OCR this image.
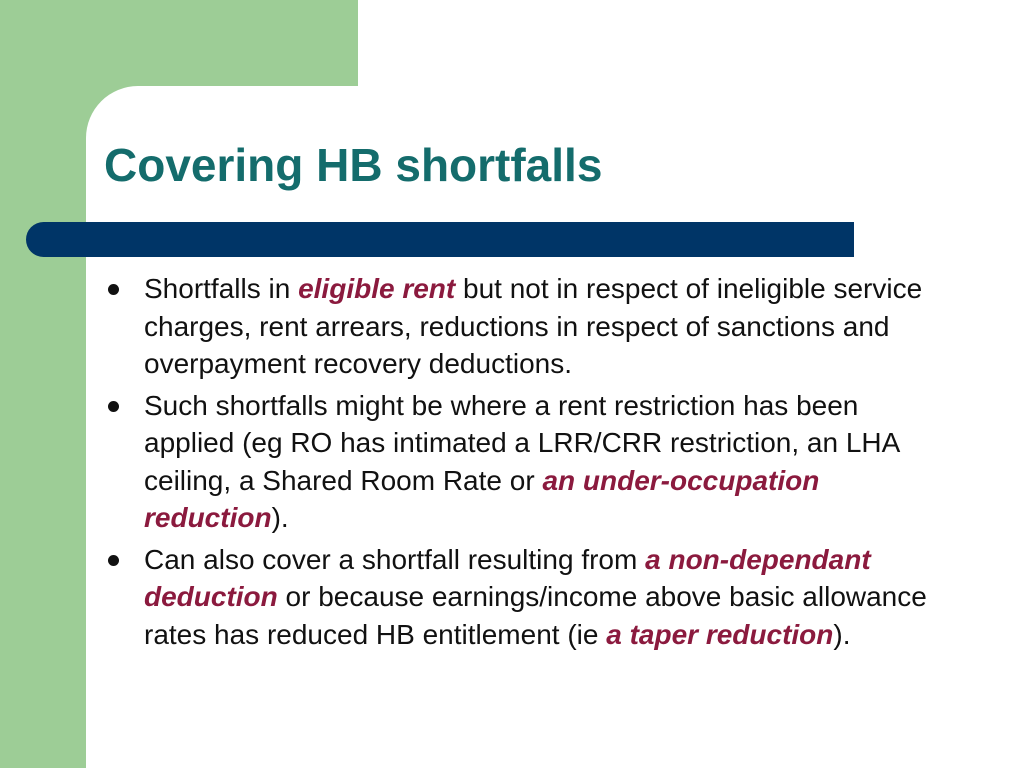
Covering HB shortfalls
Shortfalls in eligible rent but not in respect of ineligible service charges, rent arrears, reductions in respect of sanctions and overpayment recovery deductions.
Such shortfalls might be where a rent restriction has been applied (eg RO has intimated a LRR/CRR restriction, an LHA ceiling, a Shared Room Rate or an under-occupation reduction).
Can also cover a shortfall resulting from a non-dependant deduction or because earnings/income above basic allowance rates has reduced HB entitlement (ie a taper reduction).
